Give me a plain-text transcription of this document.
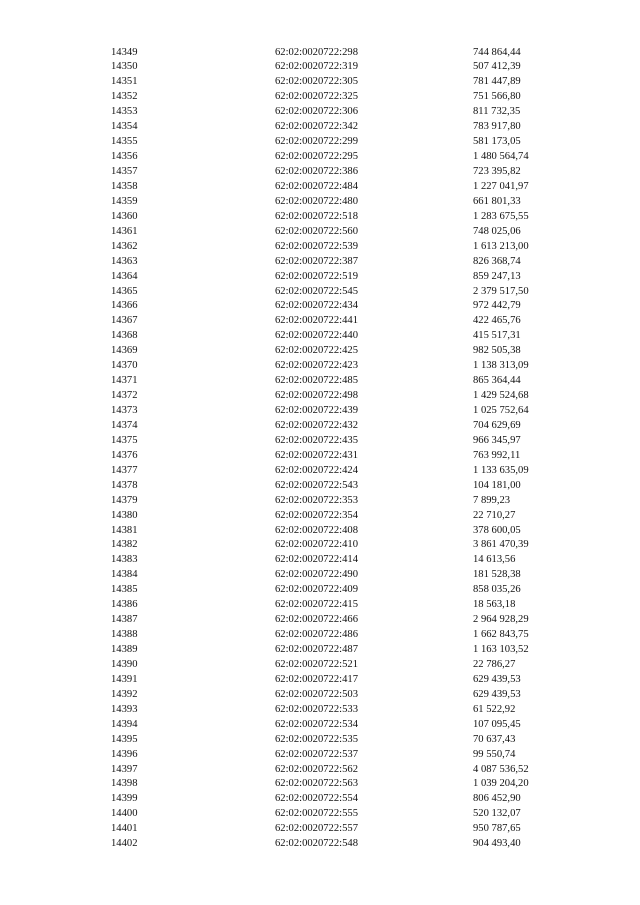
14349	62:02:0020722:298	744 864,44
14350	62:02:0020722:319	507 412,39
14351	62:02:0020722:305	781 447,89
14352	62:02:0020722:325	751 566,80
14353	62:02:0020722:306	811 732,35
14354	62:02:0020722:342	783 917,80
14355	62:02:0020722:299	581 173,05
14356	62:02:0020722:295	1 480 564,74
14357	62:02:0020722:386	723 395,82
14358	62:02:0020722:484	1 227 041,97
14359	62:02:0020722:480	661 801,33
14360	62:02:0020722:518	1 283 675,55
14361	62:02:0020722:560	748 025,06
14362	62:02:0020722:539	1 613 213,00
14363	62:02:0020722:387	826 368,74
14364	62:02:0020722:519	859 247,13
14365	62:02:0020722:545	2 379 517,50
14366	62:02:0020722:434	972 442,79
14367	62:02:0020722:441	422 465,76
14368	62:02:0020722:440	415 517,31
14369	62:02:0020722:425	982 505,38
14370	62:02:0020722:423	1 138 313,09
14371	62:02:0020722:485	865 364,44
14372	62:02:0020722:498	1 429 524,68
14373	62:02:0020722:439	1 025 752,64
14374	62:02:0020722:432	704 629,69
14375	62:02:0020722:435	966 345,97
14376	62:02:0020722:431	763 992,11
14377	62:02:0020722:424	1 133 635,09
14378	62:02:0020722:543	104 181,00
14379	62:02:0020722:353	7 899,23
14380	62:02:0020722:354	22 710,27
14381	62:02:0020722:408	378 600,05
14382	62:02:0020722:410	3 861 470,39
14383	62:02:0020722:414	14 613,56
14384	62:02:0020722:490	181 528,38
14385	62:02:0020722:409	858 035,26
14386	62:02:0020722:415	18 563,18
14387	62:02:0020722:466	2 964 928,29
14388	62:02:0020722:486	1 662 843,75
14389	62:02:0020722:487	1 163 103,52
14390	62:02:0020722:521	22 786,27
14391	62:02:0020722:417	629 439,53
14392	62:02:0020722:503	629 439,53
14393	62:02:0020722:533	61 522,92
14394	62:02:0020722:534	107 095,45
14395	62:02:0020722:535	70 637,43
14396	62:02:0020722:537	99 550,74
14397	62:02:0020722:562	4 087 536,52
14398	62:02:0020722:563	1 039 204,20
14399	62:02:0020722:554	806 452,90
14400	62:02:0020722:555	520 132,07
14401	62:02:0020722:557	950 787,65
14402	62:02:0020722:548	904 493,40
